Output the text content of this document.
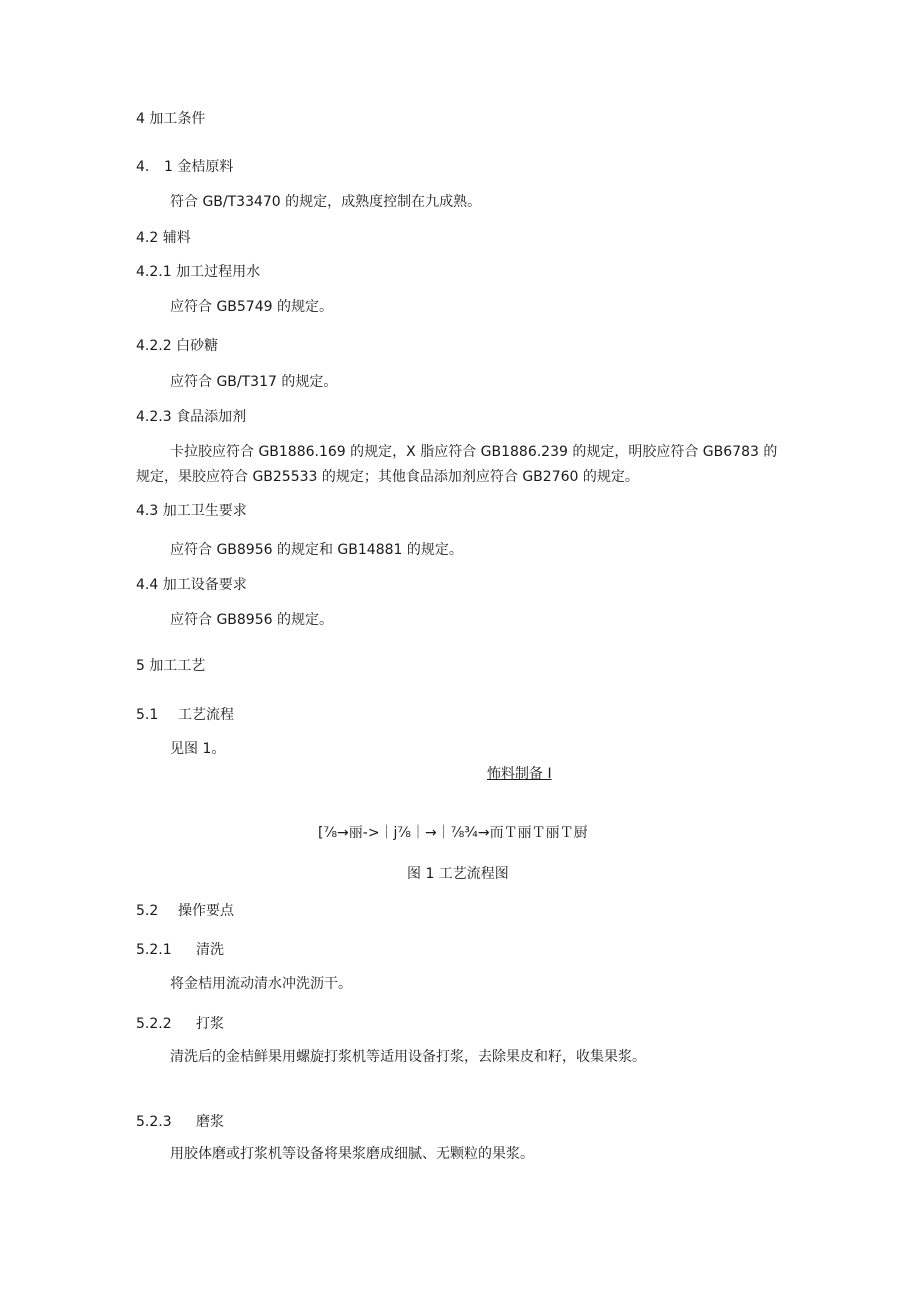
4 加工条件
4. 1 金桔原料
符合 GB/T33470 的规定，成熟度控制在九成熟。
4.2 辅料
4.2.1 加工过程用水
应符合 GB5749 的规定。
4.2.2 白砂糖
应符合 GB/T317 的规定。
4.2.3 食品添加剂
卡拉胶应符合 GB1886.169 的规定，X 脂应符合 GB1886.239 的规定，明胶应符合 GB6783 的
规定，果胶应符合 GB25533 的规定；其他食品添加剂应符合 GB2760 的规定。
4.3 加工卫生要求
应符合 GB8956 的规定和 GB14881 的规定。
4.4 加工设备要求
应符合 GB8956 的规定。
5 加工工艺
5.1 工艺流程
见图 1。
怖料制备 I
[⅞→丽->｜j⅞｜→｜⅞¾→而Ｔ丽Ｔ丽Ｔ厨
图 1 工艺流程图
5.2 操作要点
5.2.1 清洗
将金桔用流动清水冲洗沥干。
5.2.2 打浆
清洗后的金桔鲜果用螺旋打浆机等适用设备打浆，去除果皮和籽，收集果浆。
5.2.3 磨浆
用胶体磨或打浆机等设备将果浆磨成细腻、无颗粒的果浆。
